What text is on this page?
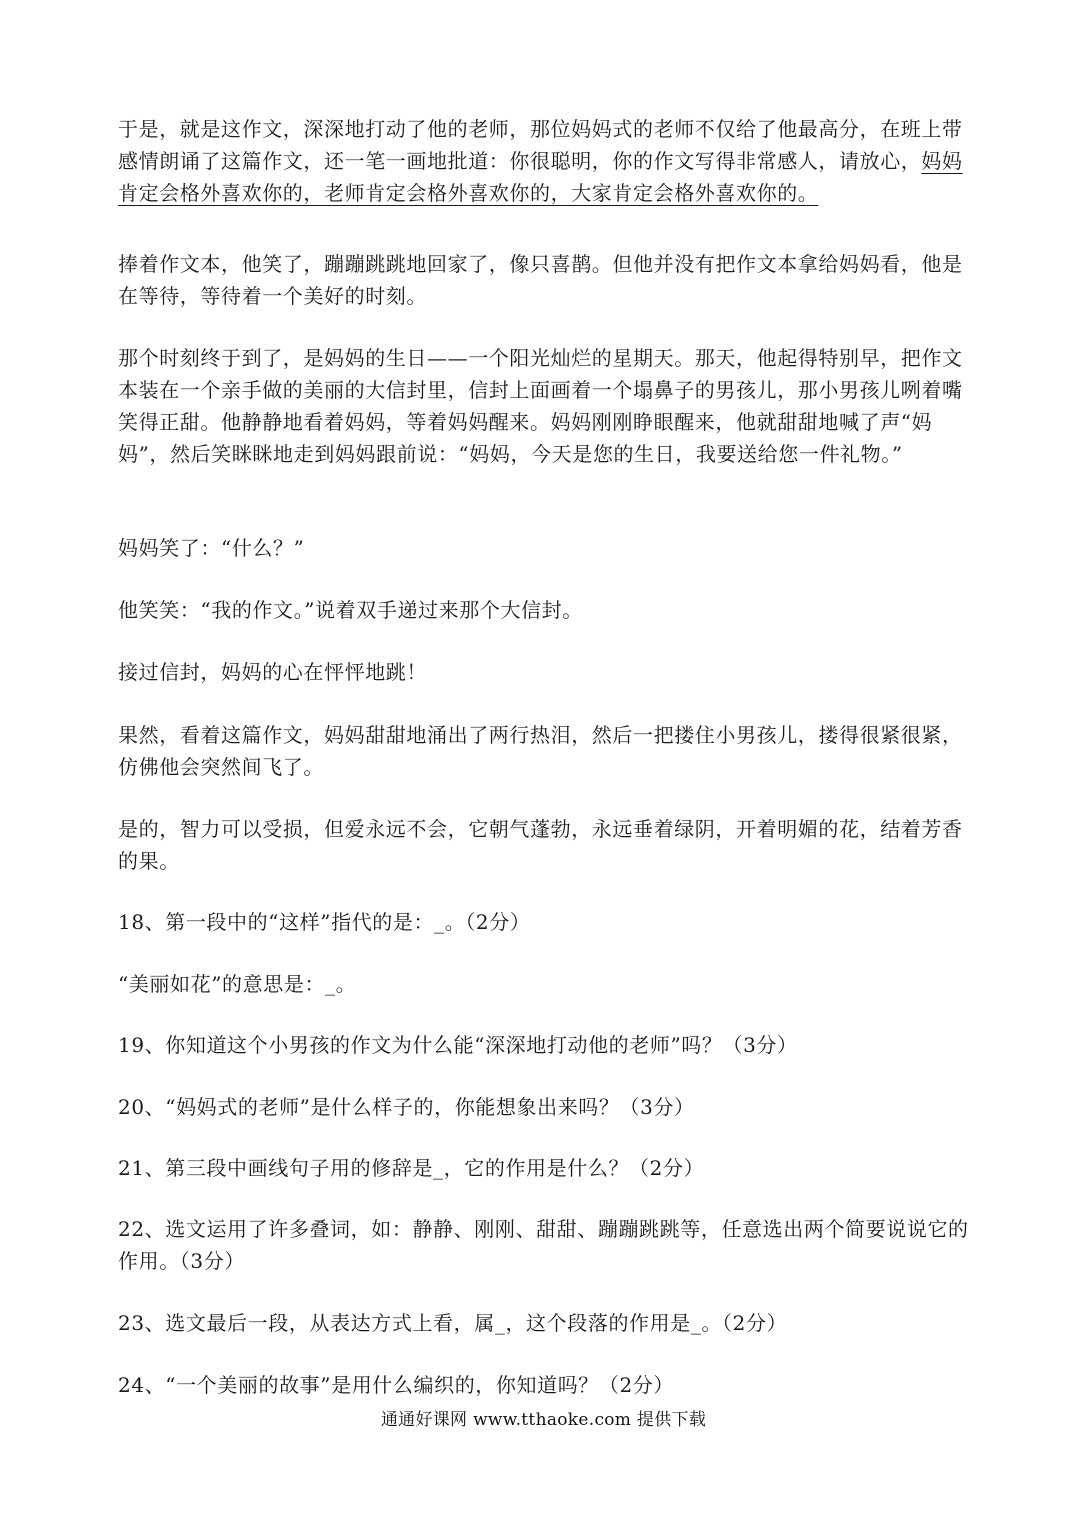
于是，就是这作文，深深地打动了他的老师，那位妈妈式的老师不仅给了他最高分，在班上带感情朗诵了这篇作文，还一笔一画地批道：你很聪明，你的作文写得非常感人，请放心，妈妈肯定会格外喜欢你的，老师肯定会格外喜欢你的，大家肯定会格外喜欢你的。

捧着作文本，他笑了，蹦蹦跳跳地回家了，像只喜鹊。但他并没有把作文本拿给妈妈看，他是在等待，等待着一个美好的时刻。

那个时刻终于到了，是妈妈的生日——一个阳光灿烂的星期天。那天，他起得特别早，把作文本装在一个亲手做的美丽的大信封里，信封上面画着一个塌鼻子的男孩儿，那小男孩儿咧着嘴笑得正甜。他静静地看着妈妈，等着妈妈醒来。妈妈刚刚睁眼醒来，他就甜甜地喊了声“妈妈”，然后笑眯眯地走到妈妈跟前说：“妈妈，今天是您的生日，我要送给您一件礼物。”

妈妈笑了：“什么？”

他笑笑：“我的作文。”说着双手递过来那个大信封。

接过信封，妈妈的心在怦怦地跳！

果然，看着这篇作文，妈妈甜甜地涌出了两行热泪，然后一把搂住小男孩儿，搂得很紧很紧，仿佛他会突然间飞了。

是的，智力可以受损，但爱永远不会，它朝气蓬勃，永远垂着绿阴，开着明媚的花，结着芳香的果。

18、第一段中的“这样”指代的是：_。（2分）

“美丽如花”的意思是：_。

19、你知道这个小男孩的作文为什么能“深深地打动他的老师”吗？（3分）

20、“妈妈式的老师”是什么样子的，你能想象出来吗？（3分）

21、第三段中画线句子用的修辞是_，它的作用是什么？（2分）

22、选文运用了许多叠词，如：静静、刚刚、甜甜、蹦蹦跳跳等，任意选出两个简要说说它的作用。（3分）

23、选文最后一段，从表达方式上看，属_，这个段落的作用是_。（2分）

24、“一个美丽的故事”是用什么编织的，你知道吗？（2分）

通通好课网 www.tthaoke.com 提供下载
